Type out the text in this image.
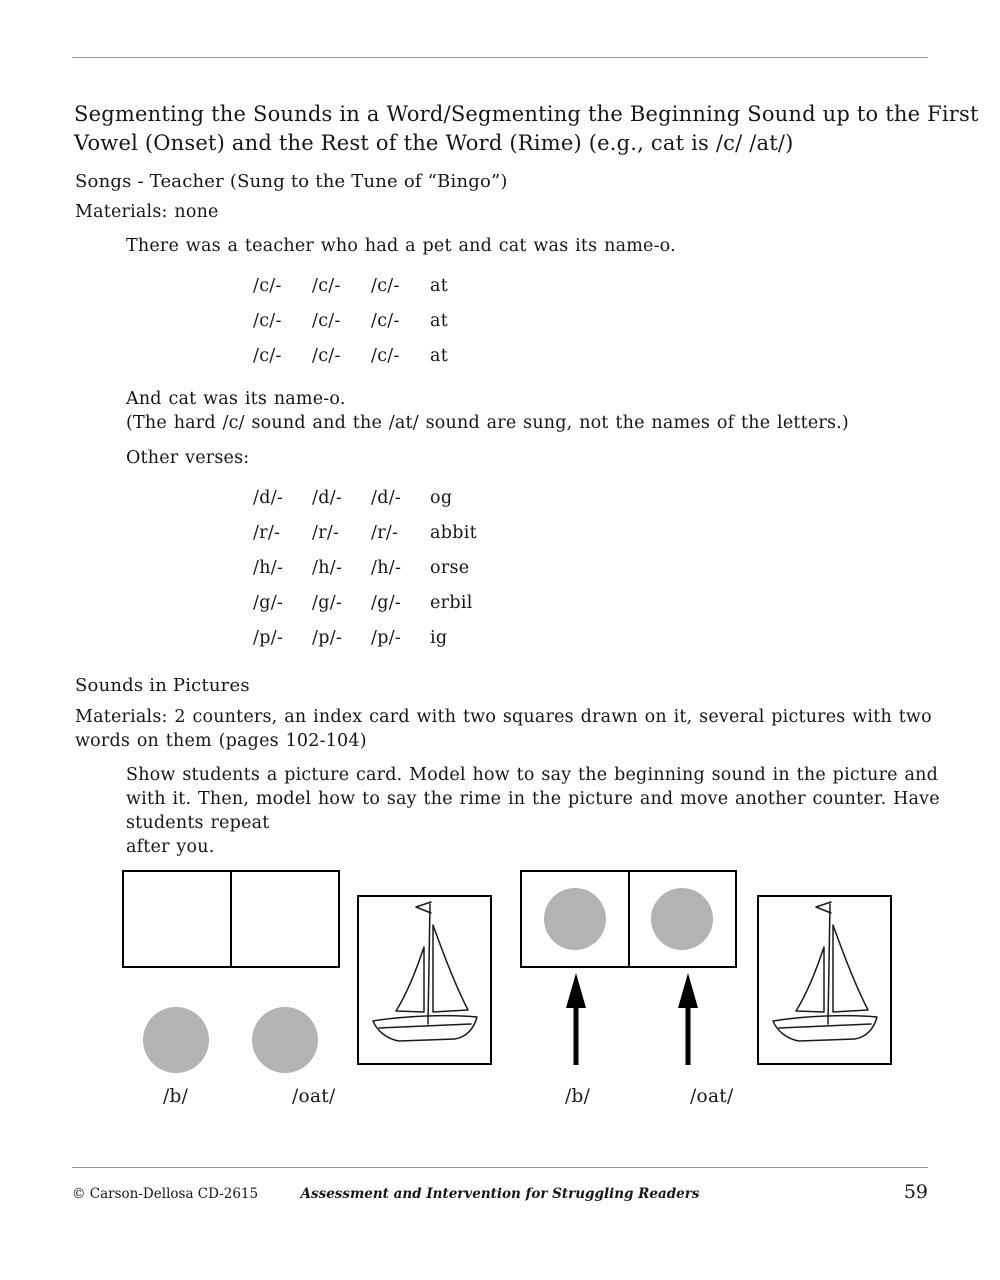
Segmenting the Sounds in a Word/Segmenting the Beginning Sound up to the First
Vowel (Onset) and the Rest of the Word (Rime) (e.g., cat is /c/ /at/)
Songs - Teacher (Sung to the Tune of “Bingo”)
Materials: none
There was a teacher who had a pet and cat was its name-o.
/c/-	/c/-	/c/-	at
/c/-	/c/-	/c/-	at
/c/-	/c/-	/c/-	at
And cat was its name-o.
(The hard /c/ sound and the /at/ sound are sung, not the names of the letters.)
Other verses:
/d/-	/d/-	/d/-	og
/r/-	/r/-	/r/-	abbit
/h/-	/h/-	/h/-	orse
/g/-	/g/-	/g/-	erbil
/p/-	/p/-	/p/-	ig
Sounds in Pictures
Materials: 2 counters, an index card with two squares drawn on it, several pictures with two
words on them (pages 102-104)
Show students a picture card. Model how to say the beginning sound in the picture and
with it. Then, model how to say the rime in the picture and move another counter. Have students repeat
after you.
/b/	/oat/	/b/	/oat/
© Carson-Dellosa CD-2615	Assessment and Intervention for Struggling Readers	59
